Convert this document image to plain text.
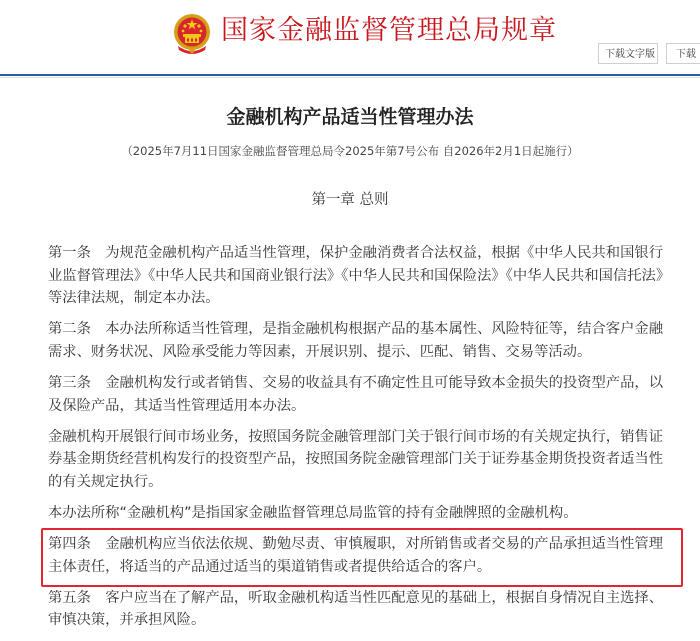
国家金融监督管理总局规章
下载文字版	下载
金融机构产品适当性管理办法
（2025年7月11日国家金融监督管理总局令2025年第7号公布 自2026年2月1日起施行）
第一章 总则

第一条　为规范金融机构产品适当性管理，保护金融消费者合法权益，根据《中华人民共和国银行业监督管理法》《中华人民共和国商业银行法》《中华人民共和国保险法》《中华人民共和国信托法》等法律法规，制定本办法。

第二条　本办法所称适当性管理，是指金融机构根据产品的基本属性、风险特征等，结合客户金融需求、财务状况、风险承受能力等因素，开展识别、提示、匹配、销售、交易等活动。

第三条　金融机构发行或者销售、交易的收益具有不确定性且可能导致本金损失的投资型产品，以及保险产品，其适当性管理适用本办法。

金融机构开展银行间市场业务，按照国务院金融管理部门关于银行间市场的有关规定执行，销售证券基金期货经营机构发行的投资型产品，按照国务院金融管理部门关于证券基金期货投资者适当性的有关规定执行。

本办法所称“金融机构”是指国家金融监督管理总局监管的持有金融牌照的金融机构。

第四条　金融机构应当依法依规、勤勉尽责、审慎履职，对所销售或者交易的产品承担适当性管理主体责任，将适当的产品通过适当的渠道销售或者提供给适合的客户。

第五条　客户应当在了解产品，听取金融机构适当性匹配意见的基础上，根据自身情况自主选择、审慎决策，并承担风险。
